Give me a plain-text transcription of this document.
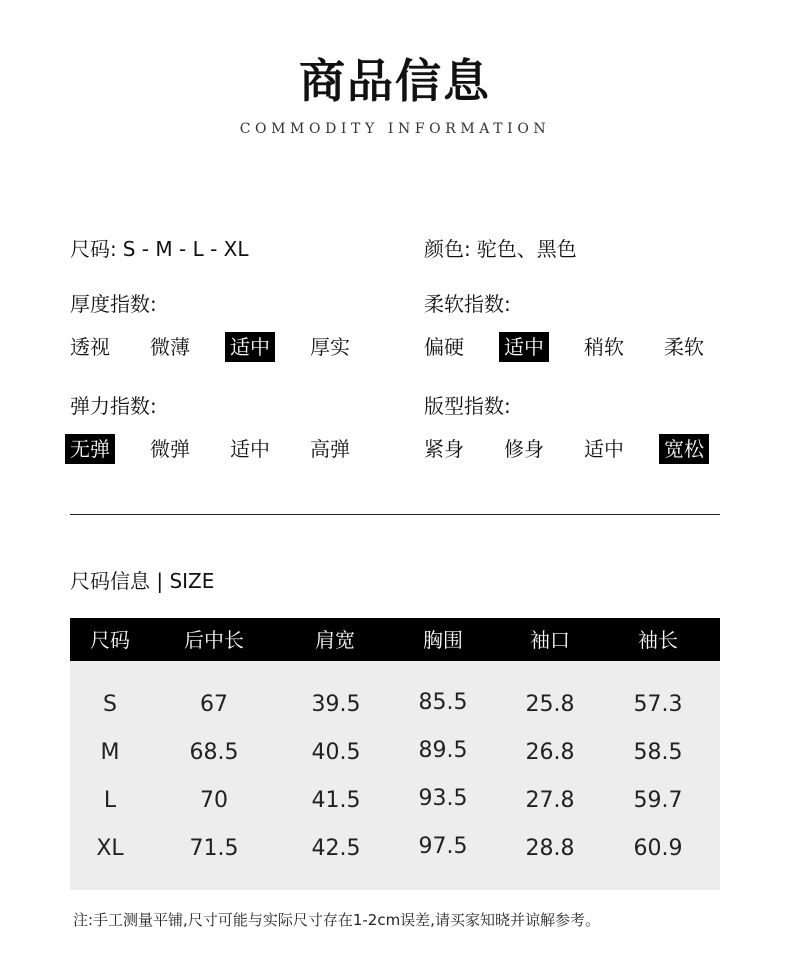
商品信息
COMMODITY INFORMATION
尺码: S - M - L - XL	颜色: 驼色、黑色
厚度指数:
透视 微薄 适中 厚实
柔软指数:
偏硬 适中 稍软 柔软
弹力指数:
无弹 微弹 适中 高弹
版型指数:
紧身 修身 适中 宽松
尺码信息 | SIZE
尺码	后中长	肩宽	胸围	袖口	袖长
S	67	39.5	85.5	25.8	57.3
M	68.5	40.5	89.5	26.8	58.5
L	70	41.5	93.5	27.8	59.7
XL	71.5	42.5	97.5	28.8	60.9
注:手工测量平铺,尺寸可能与实际尺寸存在1-2cm误差,请买家知晓并谅解参考。
